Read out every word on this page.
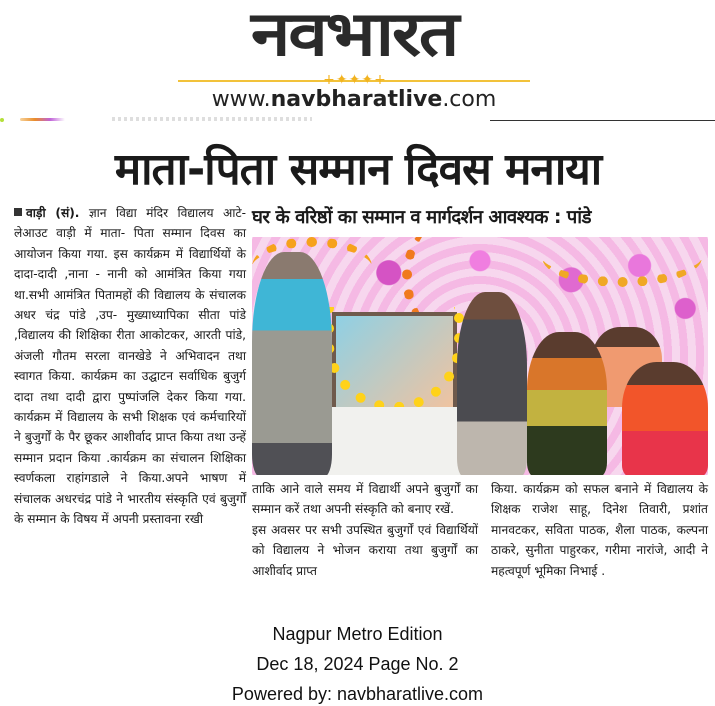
नवभारत
+✦✦✦+
www.navbharatlive.com
माता-पिता सम्मान दिवस मनाया
वाड़ी (सं). ज्ञान विद्या मंदिर विद्यालय आटे- लेआउट वाड़ी में माता- पिता सम्मान दिवस का आयोजन किया गया. इस कार्यक्रम में विद्यार्थियों के दादा-दादी ,नाना - नानी को आमंत्रित किया गया था.सभी आमंत्रित पितामहों की विद्यालय के संचालक अधर चंद्र पांडे ,उप- मुख्याध्यापिका सीता पांडे ,विद्यालय की शिक्षिका रीता आकोटकर, आरती पांडे, अंजली गौतम सरला वानखेडे ने अभिवादन तथा स्वागत किया. कार्यक्रम का उद्घाटन सर्वाधिक बुजुर्ग दादा तथा दादी द्वारा पुष्पांजलि देकर किया गया. कार्यक्रम में विद्यालय के सभी शिक्षक एवं कर्मचारियों ने बुजुर्गों के पैर छूकर आशीर्वाद प्राप्त किया तथा उन्हें सम्मान प्रदान किया .कार्यक्रम का संचालन शिक्षिका स्वर्णकला राहांगडाले ने किया.अपने भाषण में संचालक अधरचंद्र पांडे ने भारतीय संस्कृति एवं बुजुर्गों के सम्मान के विषय में अपनी प्रस्तावना रखी
घर के वरिष्ठों का सम्मान व मार्गदर्शन आवश्यक : पांडे
ताकि आने वाले समय में विद्यार्थी अपने बुजुर्गों का सम्मान करें तथा अपनी संस्कृति को बनाए रखें.
इस अवसर पर सभी उपस्थित बुजुर्गों एवं विद्यार्थियों को विद्यालय ने भोजन कराया तथा बुजुर्गों का आशीर्वाद प्राप्त
किया. कार्यक्रम को सफल बनाने में विद्यालय के शिक्षक राजेश साहू, दिनेश तिवारी, प्रशांत मानवटकर, सविता पाठक, शैला पाठक, कल्पना ठाकरे, सुनीता पाहुरकर, गरीमा नारांजे, आदी ने महत्वपूर्ण भूमिका निभाई .
Nagpur Metro Edition
Dec 18, 2024 Page No. 2
Powered by: navbharatlive.com
